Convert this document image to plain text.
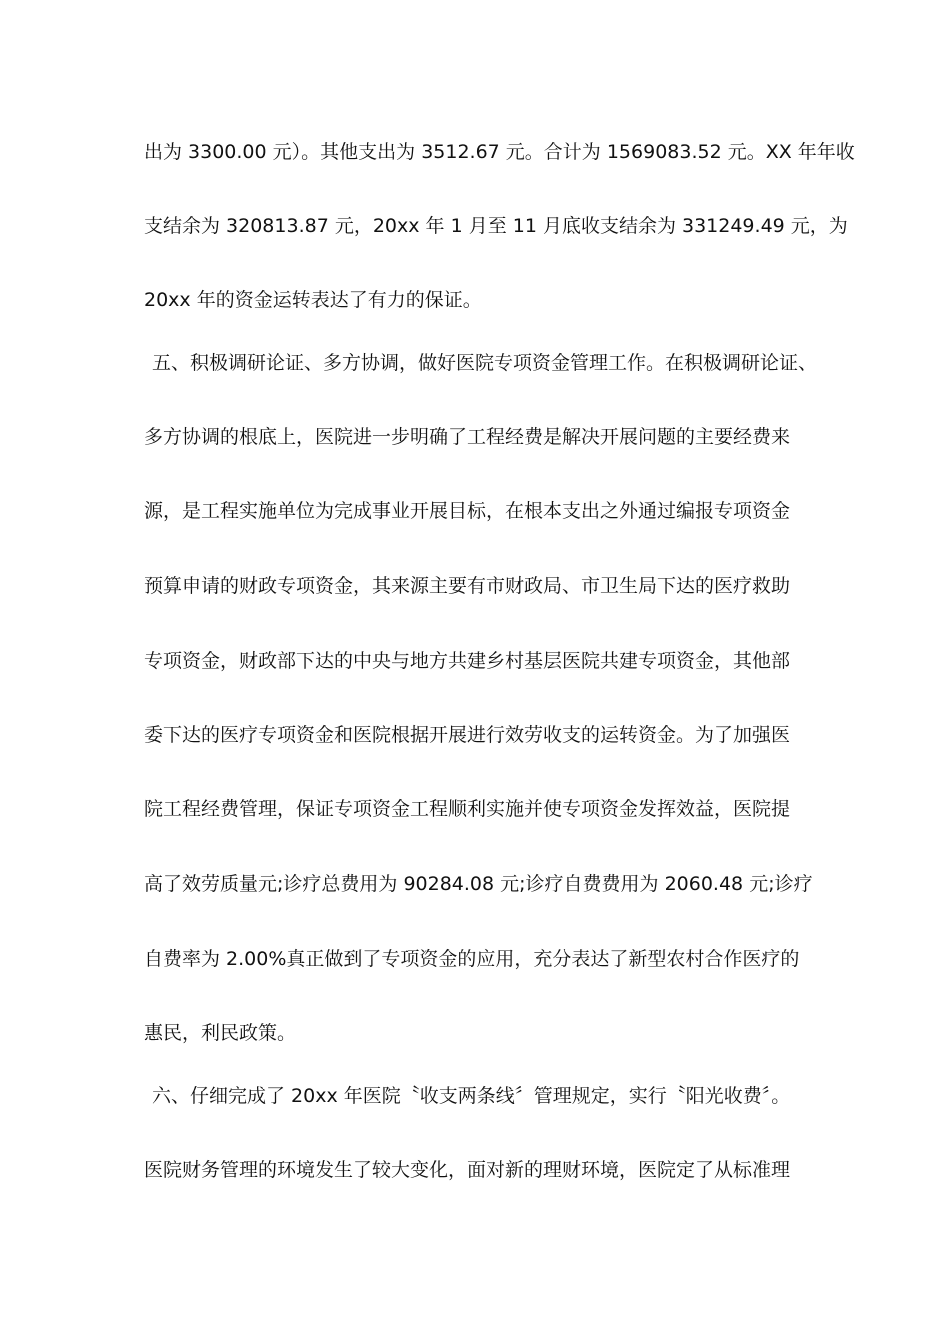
出为 3300.00 元）。其他支出为 3512.67 元。合计为 1569083.52 元。XX 年年收
支结余为 320813.87 元，20xx 年 1 月至 11 月底收支结余为 331249.49 元，为
20xx 年的资金运转表达了有力的保证。
五、积极调研论证、多方协调，做好医院专项资金管理工作。在积极调研论证、
多方协调的根底上，医院进一步明确了工程经费是解决开展问题的主要经费来
源，是工程实施单位为完成事业开展目标，在根本支出之外通过编报专项资金
预算申请的财政专项资金，其来源主要有市财政局、市卫生局下达的医疗救助
专项资金，财政部下达的中央与地方共建乡村基层医院共建专项资金，其他部
委下达的医疗专项资金和医院根据开展进行效劳收支的运转资金。为了加强医
院工程经费管理，保证专项资金工程顺利实施并使专项资金发挥效益，医院提
高了效劳质量元;诊疗总费用为 90284.08 元;诊疗自费费用为 2060.48 元;诊疗
自费率为 2.00%真正做到了专项资金的应用，充分表达了新型农村合作医疗的
惠民，利民政策。
六、仔细完成了 20xx 年医院〝收支两条线〞管理规定，实行〝阳光收费〞。
医院财务管理的环境发生了较大变化，面对新的理财环境，医院定了从标准理
